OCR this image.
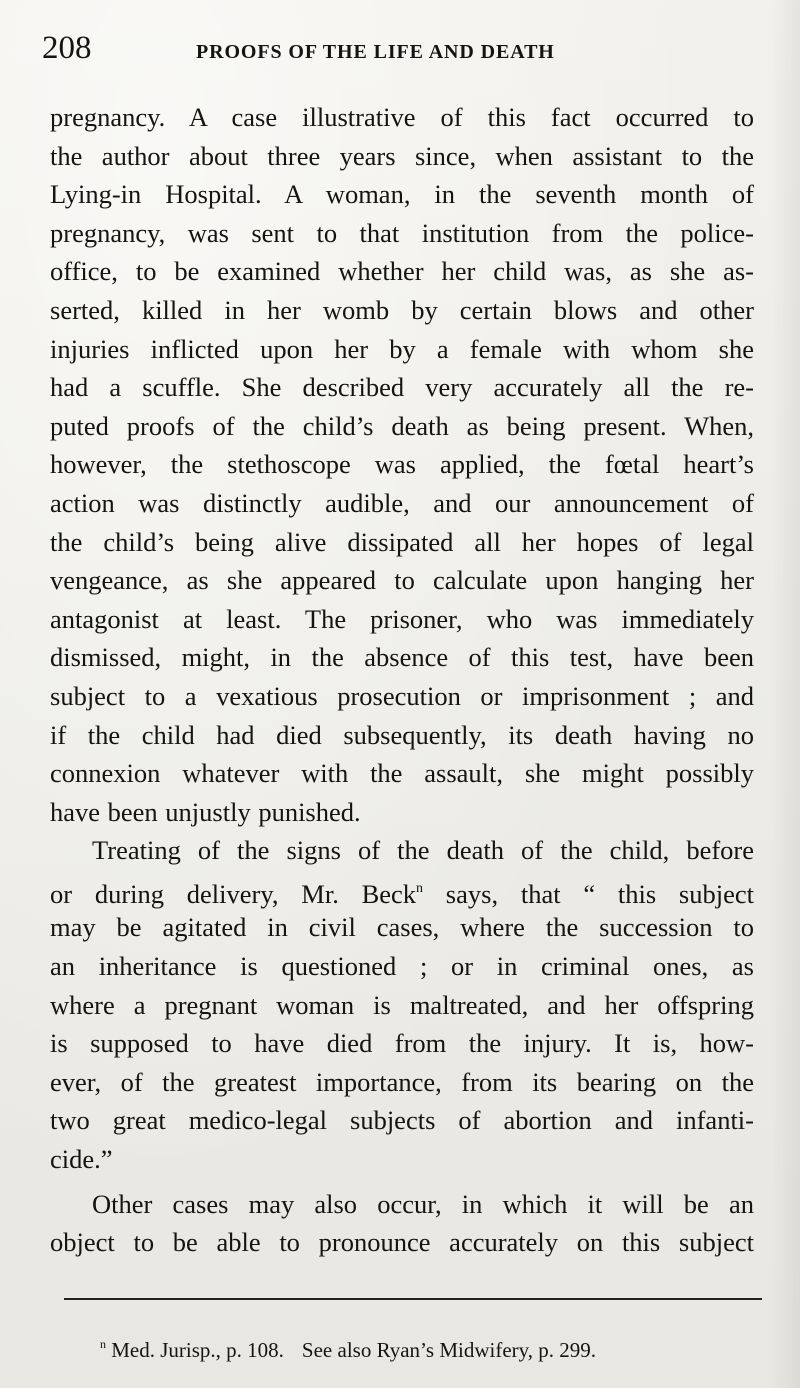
208	PROOFS OF THE LIFE AND DEATH
pregnancy. A case illustrative of this fact occurred to
the author about three years since, when assistant to the
Lying-in Hospital. A woman, in the seventh month of
pregnancy, was sent to that institution from the police-
office, to be examined whether her child was, as she as-
serted, killed in her womb by certain blows and other
injuries inflicted upon her by a female with whom she
had a scuffle. She described very accurately all the re-
puted proofs of the child’s death as being present. When,
however, the stethoscope was applied, the fœtal heart’s
action was distinctly audible, and our announcement of
the child’s being alive dissipated all her hopes of legal
vengeance, as she appeared to calculate upon hanging her
antagonist at least. The prisoner, who was immediately
dismissed, might, in the absence of this test, have been
subject to a vexatious prosecution or imprisonment ; and
if the child had died subsequently, its death having no
connexion whatever with the assault, she might possibly
have been unjustly punished.
Treating of the signs of the death of the child, before
or during delivery, Mr. Beck$^n$ says, that “ this subject
may be agitated in civil cases, where the succession to
an inheritance is questioned ; or in criminal ones, as
where a pregnant woman is maltreated, and her offspring
is supposed to have died from the injury. It is, how-
ever, of the greatest importance, from its bearing on the
two great medico-legal subjects of abortion and infanti-
cide.”
Other cases may also occur, in which it will be an
object to be able to pronounce accurately on this subject
$^n$ Med. Jurisp., p. 108. See also Ryan’s Midwifery, p. 299.
